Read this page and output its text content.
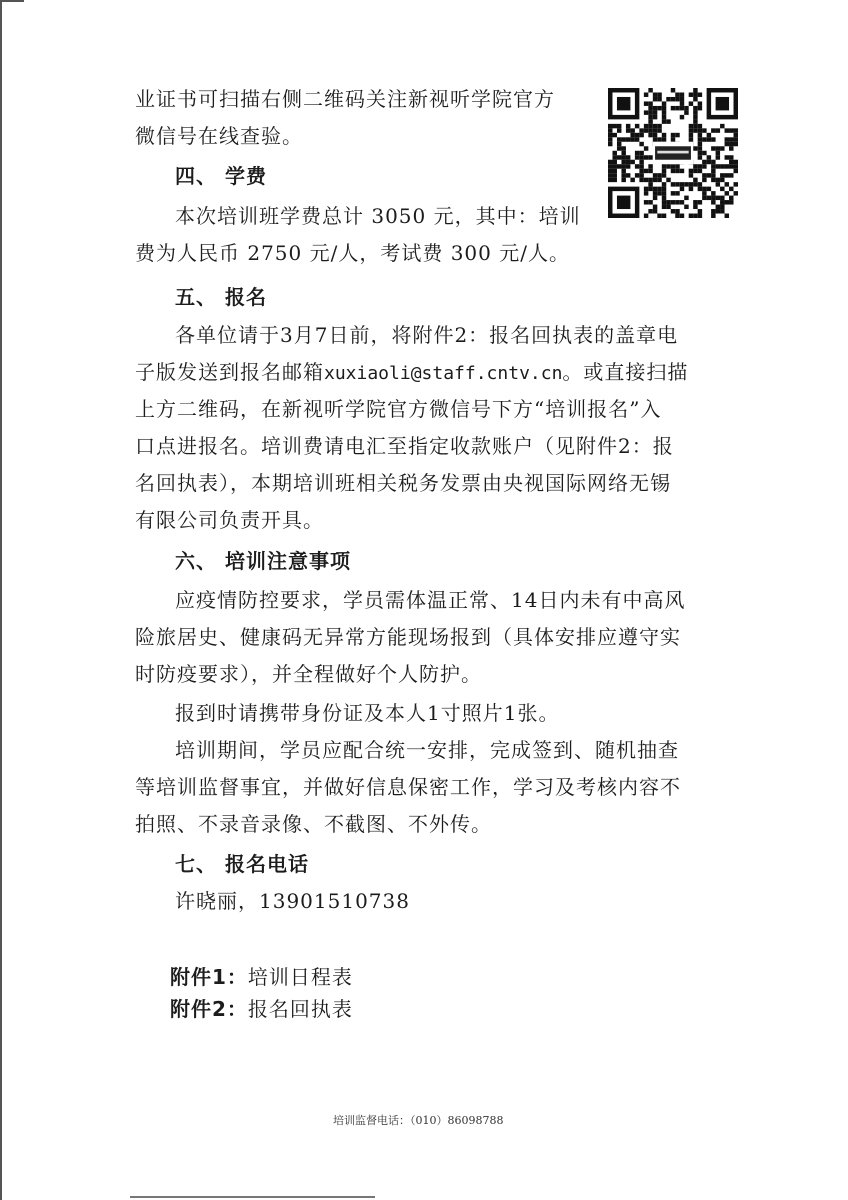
业证书可扫描右侧二维码关注新视听学院官方
微信号在线查验。
四、 学费
本次培训班学费总计 3050 元，其中：培训
费为人民币 2750 元/人，考试费 300 元/人。
五、 报名
各单位请于3月7日前，将附件2：报名回执表的盖章电
子版发送到报名邮箱xuxiaoli@staff.cntv.cn。或直接扫描
上方二维码，在新视听学院官方微信号下方“培训报名”入
口点进报名。培训费请电汇至指定收款账户（见附件2：报
名回执表），本期培训班相关税务发票由央视国际网络无锡
有限公司负责开具。
六、 培训注意事项
应疫情防控要求，学员需体温正常、14日内未有中高风
险旅居史、健康码无异常方能现场报到（具体安排应遵守实
时防疫要求），并全程做好个人防护。
报到时请携带身份证及本人1寸照片1张。
培训期间，学员应配合统一安排，完成签到、随机抽查
等培训监督事宜，并做好信息保密工作，学习及考核内容不
拍照、不录音录像、不截图、不外传。
七、 报名电话
许晓丽，13901510738
附件1：培训日程表
附件2：报名回执表
培训监督电话：（010）86098788
